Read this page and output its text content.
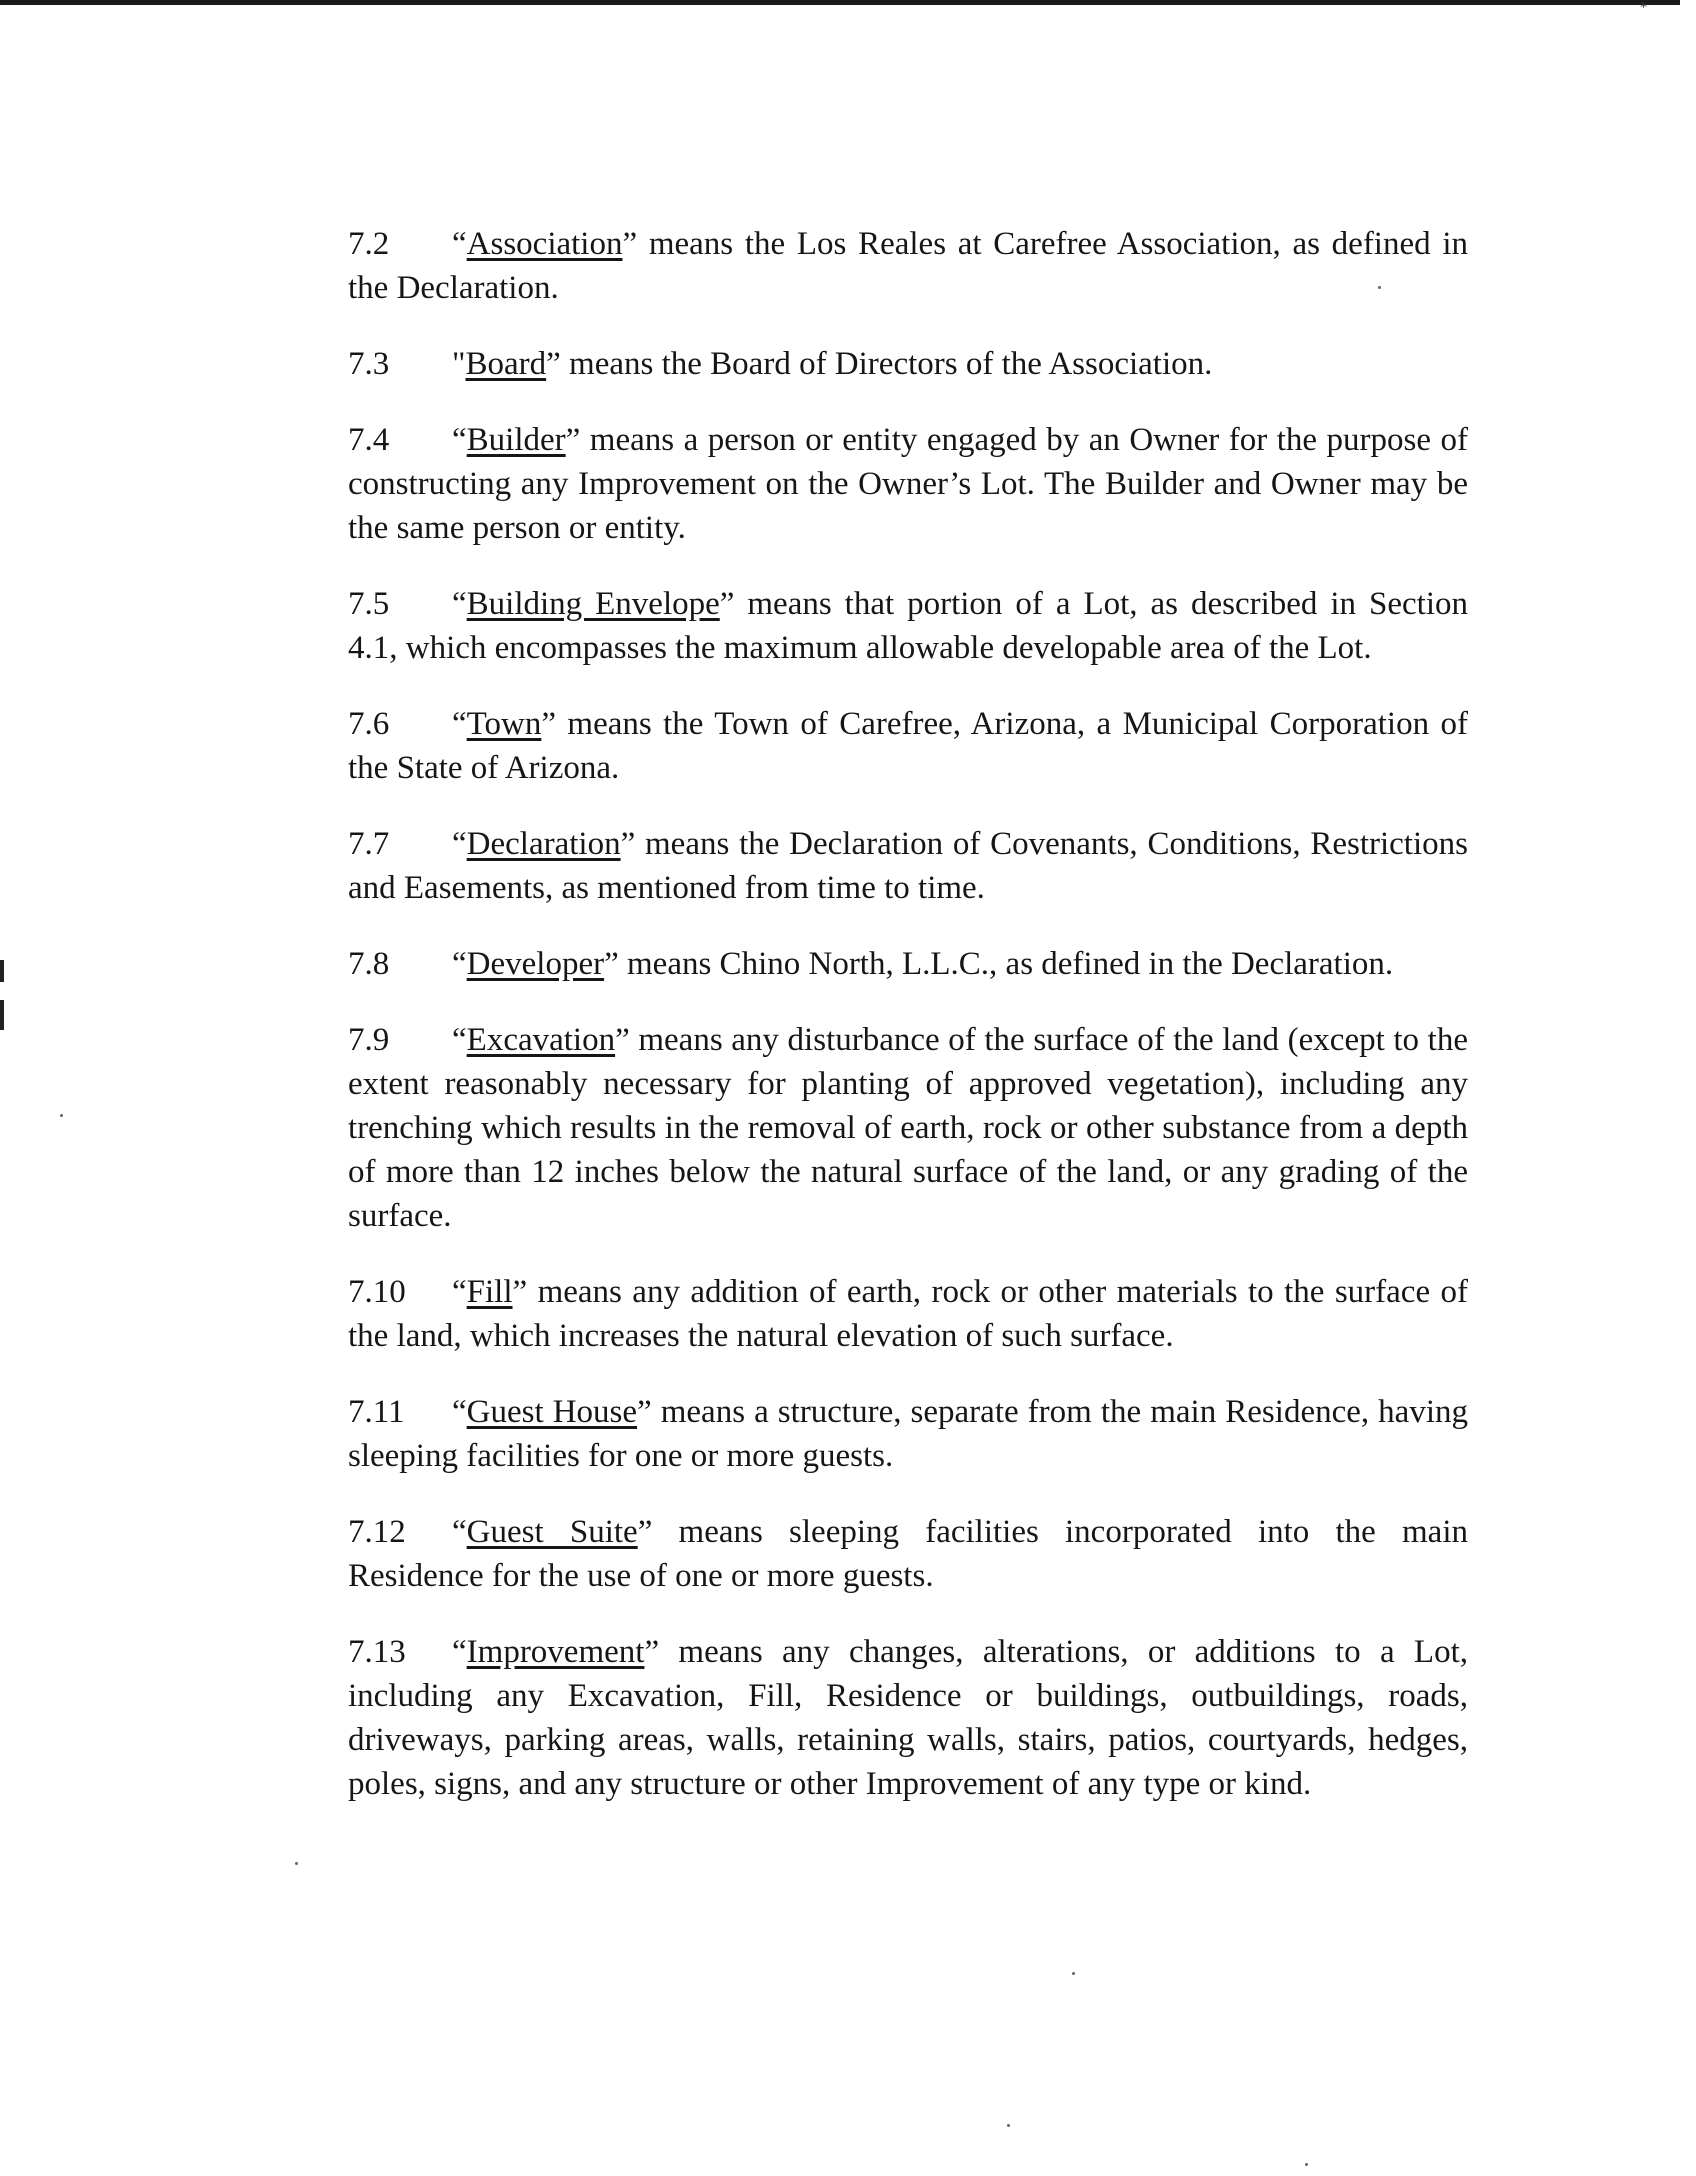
*

7.2 “Association” means the Los Reales at Carefree Association, as defined in the Declaration.

7.3 "Board” means the Board of Directors of the Association.

7.4 “Builder” means a person or entity engaged by an Owner for the purpose of constructing any Improvement on the Owner’s Lot. The Builder and Owner may be the same person or entity.

7.5 “Building Envelope” means that portion of a Lot, as described in Section 4.1, which encompasses the maximum allowable developable area of the Lot.

7.6 “Town” means the Town of Carefree, Arizona, a Municipal Corporation of the State of Arizona.

7.7 “Declaration” means the Declaration of Covenants, Conditions, Restrictions and Easements, as mentioned from time to time.

7.8 “Developer” means Chino North, L.L.C., as defined in the Declaration.

7.9 “Excavation” means any disturbance of the surface of the land (except to the extent reasonably necessary for planting of approved vegetation), including any trenching which results in the removal of earth, rock or other substance from a depth of more than 12 inches below the natural surface of the land, or any grading of the surface.

7.10 “Fill” means any addition of earth, rock or other materials to the surface of the land, which increases the natural elevation of such surface.

7.11 “Guest House” means a structure, separate from the main Residence, having sleeping facilities for one or more guests.

7.12 “Guest Suite” means sleeping facilities incorporated into the main Residence for the use of one or more guests.

7.13 “Improvement” means any changes, alterations, or additions to a Lot, including any Excavation, Fill, Residence or buildings, outbuildings, roads, driveways, parking areas, walls, retaining walls, stairs, patios, courtyards, hedges, poles, signs, and any structure or other Improvement of any type or kind.
